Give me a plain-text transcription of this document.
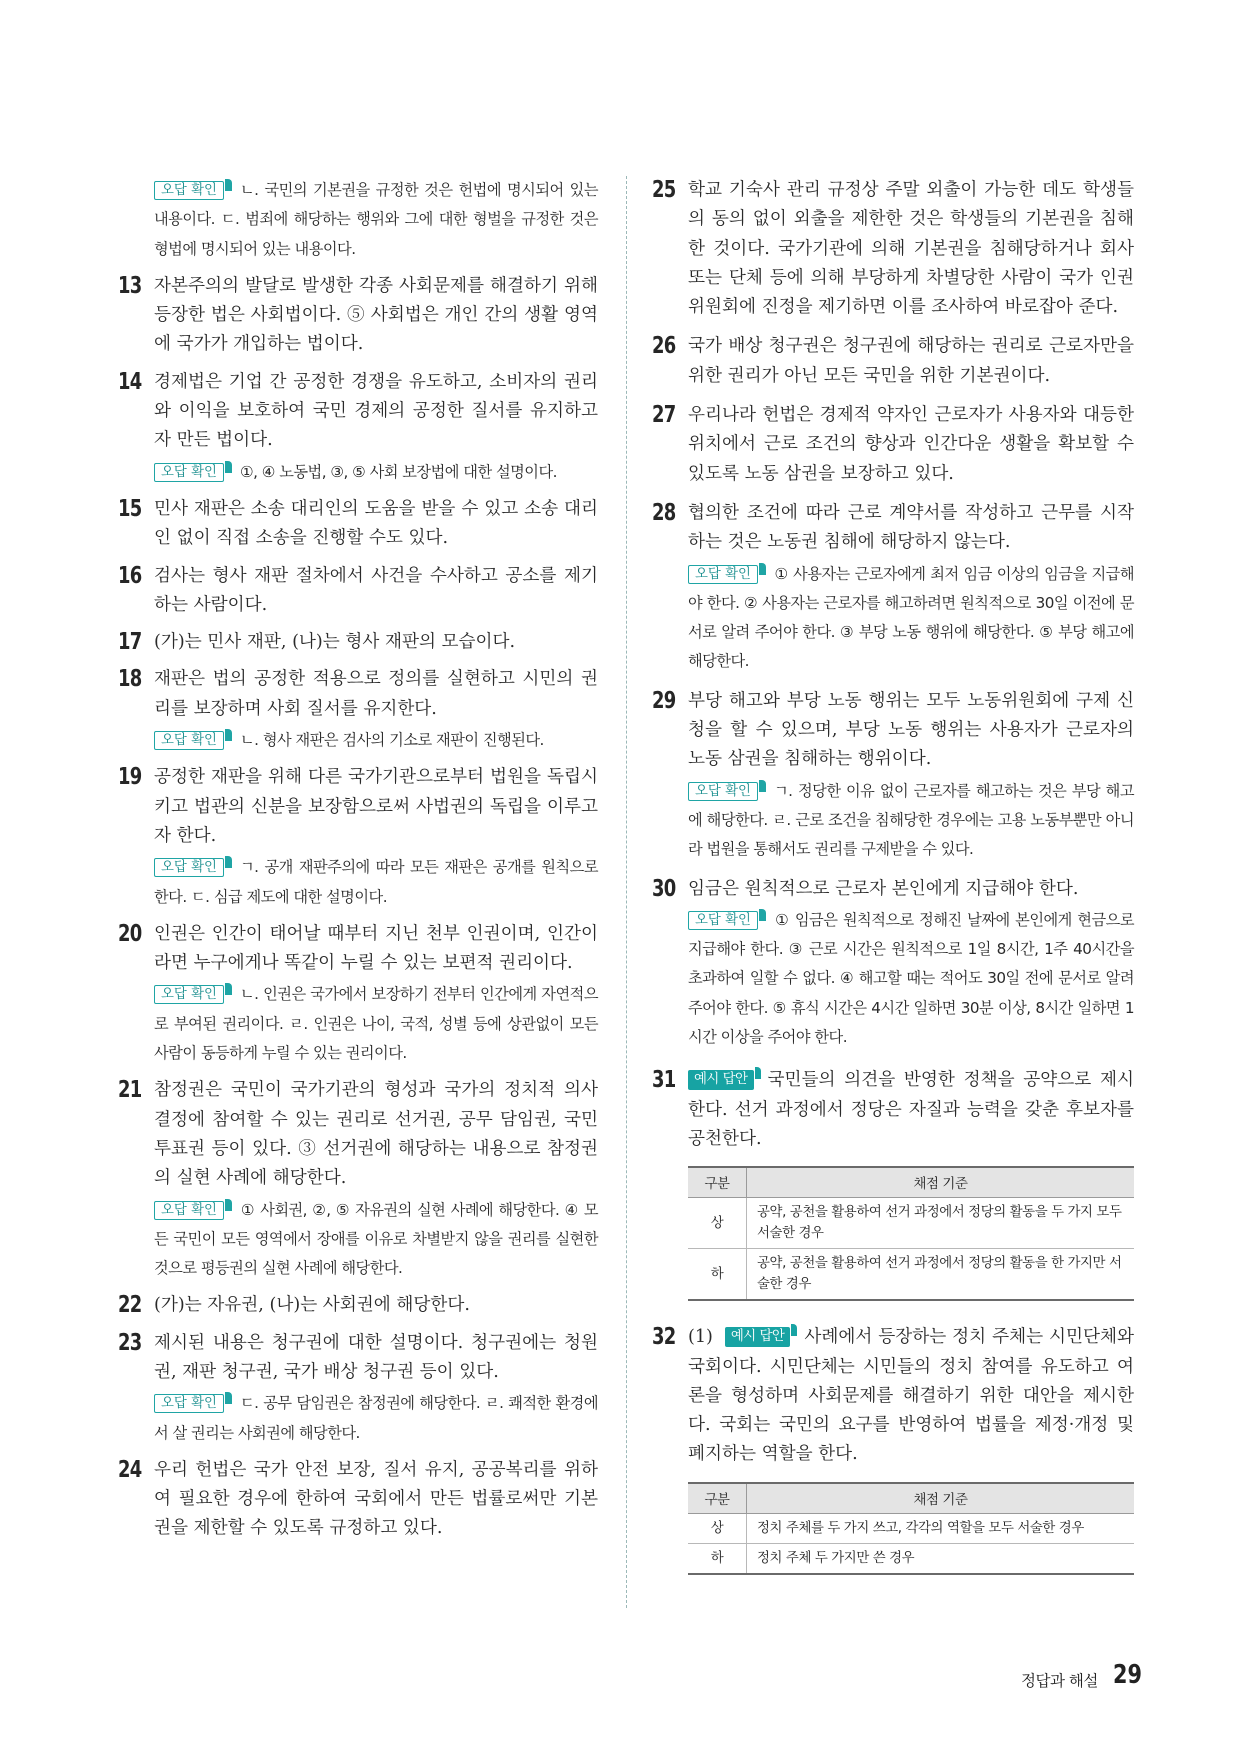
오답 확인 ㄴ. 국민의 기본권을 규정한 것은 헌법에 명시되어 있는 내용이다. ㄷ. 범죄에 해당하는 행위와 그에 대한 형벌을 규정한 것은 형법에 명시되어 있는 내용이다.
13 자본주의의 발달로 발생한 각종 사회문제를 해결하기 위해 등장한 법은 사회법이다. ⑤ 사회법은 개인 간의 생활 영역에 국가가 개입하는 법이다.
14 경제법은 기업 간 공정한 경쟁을 유도하고, 소비자의 권리와 이익을 보호하여 국민 경제의 공정한 질서를 유지하고자 만든 법이다.
오답 확인 ①, ④ 노동법, ③, ⑤ 사회 보장법에 대한 설명이다.
15 민사 재판은 소송 대리인의 도움을 받을 수 있고 소송 대리인 없이 직접 소송을 진행할 수도 있다.
16 검사는 형사 재판 절차에서 사건을 수사하고 공소를 제기하는 사람이다.
17 (가)는 민사 재판, (나)는 형사 재판의 모습이다.
18 재판은 법의 공정한 적용으로 정의를 실현하고 시민의 권리를 보장하며 사회 질서를 유지한다.
오답 확인 ㄴ. 형사 재판은 검사의 기소로 재판이 진행된다.
19 공정한 재판을 위해 다른 국가기관으로부터 법원을 독립시키고 법관의 신분을 보장함으로써 사법권의 독립을 이루고자 한다.
오답 확인 ㄱ. 공개 재판주의에 따라 모든 재판은 공개를 원칙으로 한다. ㄷ. 심급 제도에 대한 설명이다.
20 인권은 인간이 태어날 때부터 지닌 천부 인권이며, 인간이라면 누구에게나 똑같이 누릴 수 있는 보편적 권리이다.
오답 확인 ㄴ. 인권은 국가에서 보장하기 전부터 인간에게 자연적으로 부여된 권리이다. ㄹ. 인권은 나이, 국적, 성별 등에 상관없이 모든 사람이 동등하게 누릴 수 있는 권리이다.
21 참정권은 국민이 국가기관의 형성과 국가의 정치적 의사 결정에 참여할 수 있는 권리로 선거권, 공무 담임권, 국민 투표권 등이 있다. ③ 선거권에 해당하는 내용으로 참정권의 실현 사례에 해당한다.
오답 확인 ① 사회권, ②, ⑤ 자유권의 실현 사례에 해당한다. ④ 모든 국민이 모든 영역에서 장애를 이유로 차별받지 않을 권리를 실현한 것으로 평등권의 실현 사례에 해당한다.
22 (가)는 자유권, (나)는 사회권에 해당한다.
23 제시된 내용은 청구권에 대한 설명이다. 청구권에는 청원권, 재판 청구권, 국가 배상 청구권 등이 있다.
오답 확인 ㄷ. 공무 담임권은 참정권에 해당한다. ㄹ. 쾌적한 환경에서 살 권리는 사회권에 해당한다.
24 우리 헌법은 국가 안전 보장, 질서 유지, 공공복리를 위하여 필요한 경우에 한하여 국회에서 만든 법률로써만 기본권을 제한할 수 있도록 규정하고 있다.
25 학교 기숙사 관리 규정상 주말 외출이 가능한 데도 학생들의 동의 없이 외출을 제한한 것은 학생들의 기본권을 침해한 것이다. 국가기관에 의해 기본권을 침해당하거나 회사 또는 단체 등에 의해 부당하게 차별당한 사람이 국가 인권 위원회에 진정을 제기하면 이를 조사하여 바로잡아 준다.
26 국가 배상 청구권은 청구권에 해당하는 권리로 근로자만을 위한 권리가 아닌 모든 국민을 위한 기본권이다.
27 우리나라 헌법은 경제적 약자인 근로자가 사용자와 대등한 위치에서 근로 조건의 향상과 인간다운 생활을 확보할 수 있도록 노동 삼권을 보장하고 있다.
28 협의한 조건에 따라 근로 계약서를 작성하고 근무를 시작하는 것은 노동권 침해에 해당하지 않는다.
오답 확인 ① 사용자는 근로자에게 최저 임금 이상의 임금을 지급해야 한다. ② 사용자는 근로자를 해고하려면 원칙적으로 30일 이전에 문서로 알려 주어야 한다. ③ 부당 노동 행위에 해당한다. ⑤ 부당 해고에 해당한다.
29 부당 해고와 부당 노동 행위는 모두 노동위원회에 구제 신청을 할 수 있으며, 부당 노동 행위는 사용자가 근로자의 노동 삼권을 침해하는 행위이다.
오답 확인 ㄱ. 정당한 이유 없이 근로자를 해고하는 것은 부당 해고에 해당한다. ㄹ. 근로 조건을 침해당한 경우에는 고용 노동부뿐만 아니라 법원을 통해서도 권리를 구제받을 수 있다.
30 임금은 원칙적으로 근로자 본인에게 지급해야 한다.
오답 확인 ① 임금은 원칙적으로 정해진 날짜에 본인에게 현금으로 지급해야 한다. ③ 근로 시간은 원칙적으로 1일 8시간, 1주 40시간을 초과하여 일할 수 없다. ④ 해고할 때는 적어도 30일 전에 문서로 알려 주어야 한다. ⑤ 휴식 시간은 4시간 일하면 30분 이상, 8시간 일하면 1시간 이상을 주어야 한다.
31	예시 답안 국민들의 의견을 반영한 정책을 공약으로 제시한다. 선거 과정에서 정당은 자질과 능력을 갖춘 후보자를 공천한다.
구분	채점 기준
상	공약, 공천을 활용하여 선거 과정에서 정당의 활동을 두 가지 모두 서술한 경우
하	공약, 공천을 활용하여 선거 과정에서 정당의 활동을 한 가지만 서술한 경우
32 (1) 예시 답안 사례에서 등장하는 정치 주체는 시민단체와 국회이다. 시민단체는 시민들의 정치 참여를 유도하고 여론을 형성하며 사회문제를 해결하기 위한 대안을 제시한다. 국회는 국민의 요구를 반영하여 법률을 제정·개정 및 폐지하는 역할을 한다.
구분	채점 기준
상	정치 주체를 두 가지 쓰고, 각각의 역할을 모두 서술한 경우
하	정치 주체 두 가지만 쓴 경우
정답과 해설 29
